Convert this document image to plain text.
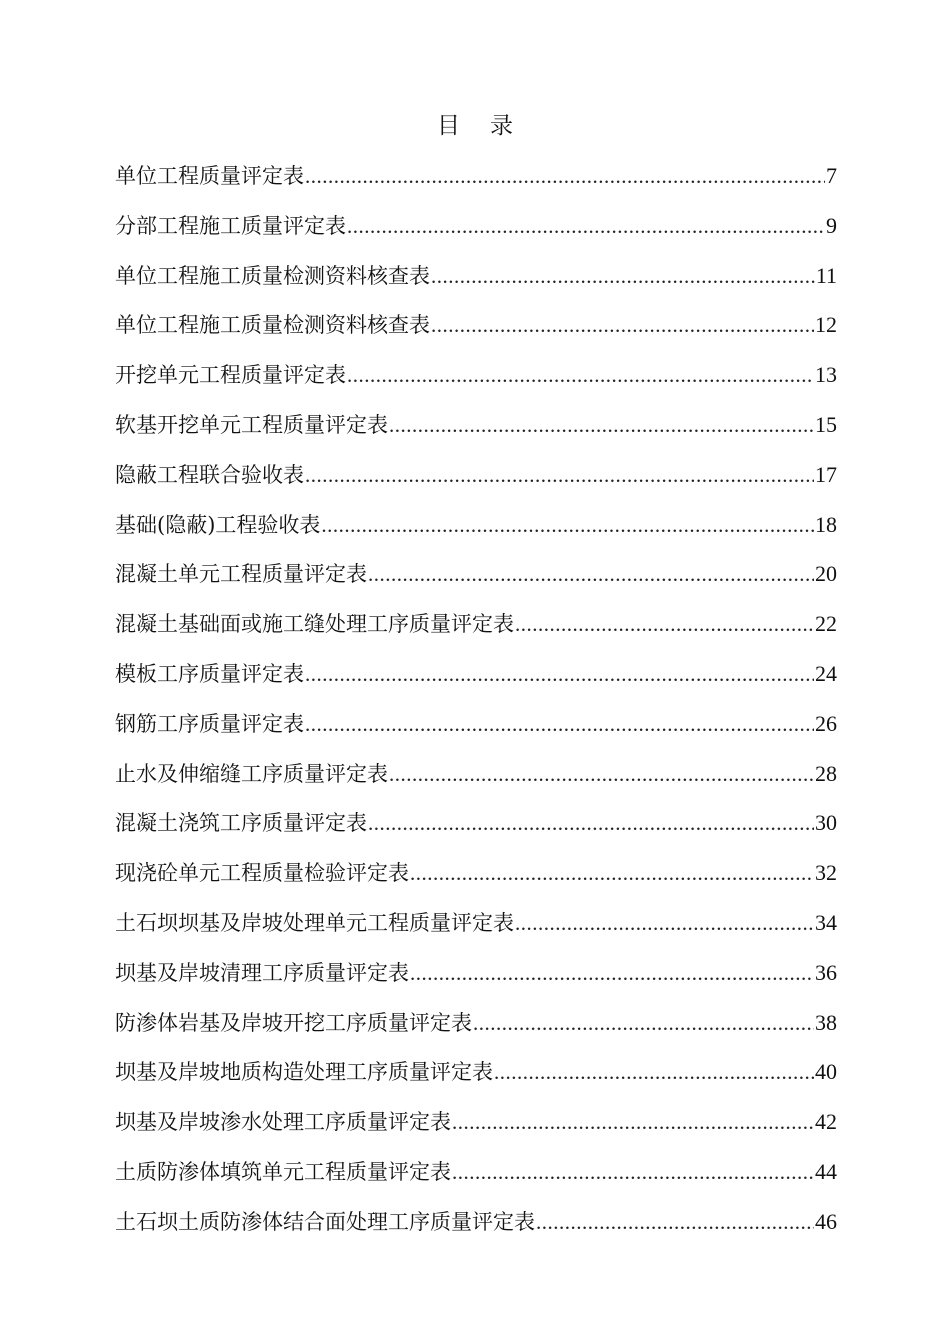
目 录
单位工程质量评定表 .....	7
分部工程施工质量评定表 .....	9
单位工程施工质量检测资料核查表 .....	11
单位工程施工质量检测资料核查表 .....	12
开挖单元工程质量评定表 .....	13
软基开挖单元工程质量评定表 .....	15
隐蔽工程联合验收表 .....	17
基础(隐蔽)工程验收表 .....	18
混凝土单元工程质量评定表 .....	20
混凝土基础面或施工缝处理工序质量评定表 .....	22
模板工序质量评定表 .....	24
钢筋工序质量评定表 .....	26
止水及伸缩缝工序质量评定表 .....	28
混凝土浇筑工序质量评定表 .....	30
现浇砼单元工程质量检验评定表 .....	32
土石坝坝基及岸坡处理单元工程质量评定表 .....	34
坝基及岸坡清理工序质量评定表 .....	36
防渗体岩基及岸坡开挖工序质量评定表 .....	38
坝基及岸坡地质构造处理工序质量评定表 .....	40
坝基及岸坡渗水处理工序质量评定表 .....	42
土质防渗体填筑单元工程质量评定表 .....	44
土石坝土质防渗体结合面处理工序质量评定表 .....	46
